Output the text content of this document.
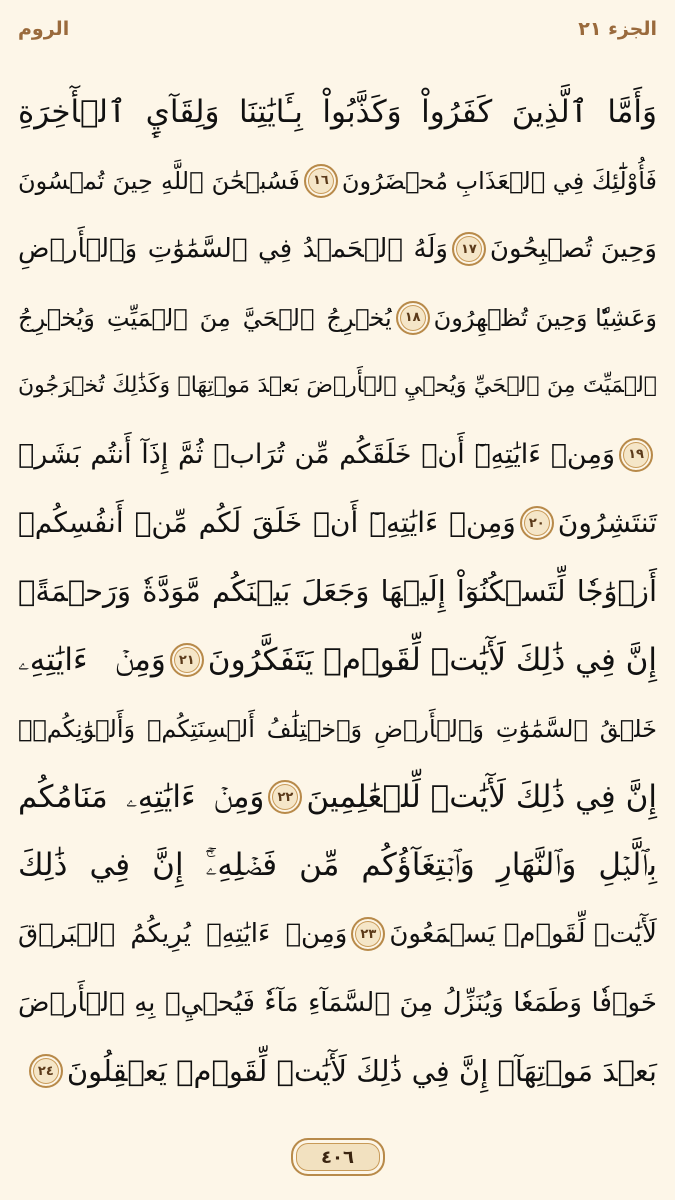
الجزء ٢١
الروم
وَأَمَّا ٱلَّذِينَ كَفَرُواْ وَكَذَّبُواْ بِـَٔايَٰتِنَا وَلِقَآيِٕ ٱلۡأٓخِرَةِ
فَأُوْلَٰٓئِكَ فِي ٱلۡعَذَابِ مُحۡضَرُونَ
١٦
فَسُبۡحَٰنَ ٱللَّهِ حِينَ تُمۡسُونَ
وَحِينَ تُصۡبِحُونَ
١٧
وَلَهُ ٱلۡحَمۡدُ فِي ٱلسَّمَٰوَٰتِ وَٱلۡأَرۡضِ
وَعَشِيّٗا وَحِينَ تُظۡهِرُونَ
١٨
يُخۡرِجُ ٱلۡحَيَّ مِنَ ٱلۡمَيِّتِ وَيُخۡرِجُ
ٱلۡمَيِّتَ مِنَ ٱلۡحَيِّ وَيُحۡيِ ٱلۡأَرۡضَ بَعۡدَ مَوۡتِهَاۚ وَكَذَٰلِكَ تُخۡرَجُونَ
١٩
وَمِنۡ ءَايَٰتِهِۦٓ أَنۡ خَلَقَكُم مِّن تُرَابٖ ثُمَّ إِذَآ أَنتُم بَشَرٞ
تَنتَشِرُونَ
٢٠
وَمِنۡ ءَايَٰتِهِۦٓ أَنۡ خَلَقَ لَكُم مِّنۡ أَنفُسِكُمۡ
أَزۡوَٰجٗا لِّتَسۡكُنُوٓاْ إِلَيۡهَا وَجَعَلَ بَيۡنَكُم مَّوَدَّةٗ وَرَحۡمَةًۚ
إِنَّ فِي ذَٰلِكَ لَأٓيَٰتٖ لِّقَوۡمٖ يَتَفَكَّرُونَ
٢١
وَمِنۡ ءَايَٰتِهِۦ
خَلۡقُ ٱلسَّمَٰوَٰتِ وَٱلۡأَرۡضِ وَٱخۡتِلَٰفُ أَلۡسِنَتِكُمۡ وَأَلۡوَٰنِكُمۡۚ
إِنَّ فِي ذَٰلِكَ لَأٓيَٰتٖ لِّلۡعَٰلِمِينَ
٢٢
وَمِنۡ ءَايَٰتِهِۦ مَنَامُكُم
بِٱلَّيۡلِ وَٱلنَّهَارِ وَٱبۡتِغَآؤُكُم مِّن فَضۡلِهِۦٓۚ إِنَّ فِي ذَٰلِكَ
لَأٓيَٰتٖ لِّقَوۡمٖ يَسۡمَعُونَ
٢٣
وَمِنۡ ءَايَٰتِهِۦ يُرِيكُمُ ٱلۡبَرۡقَ
خَوۡفٗا وَطَمَعٗا وَيُنَزِّلُ مِنَ ٱلسَّمَآءِ مَآءٗ فَيُحۡيِۦ بِهِ ٱلۡأَرۡضَ
بَعۡدَ مَوۡتِهَآۚ إِنَّ فِي ذَٰلِكَ لَأٓيَٰتٖ لِّقَوۡمٖ يَعۡقِلُونَ
٢٤
٤٠٦
